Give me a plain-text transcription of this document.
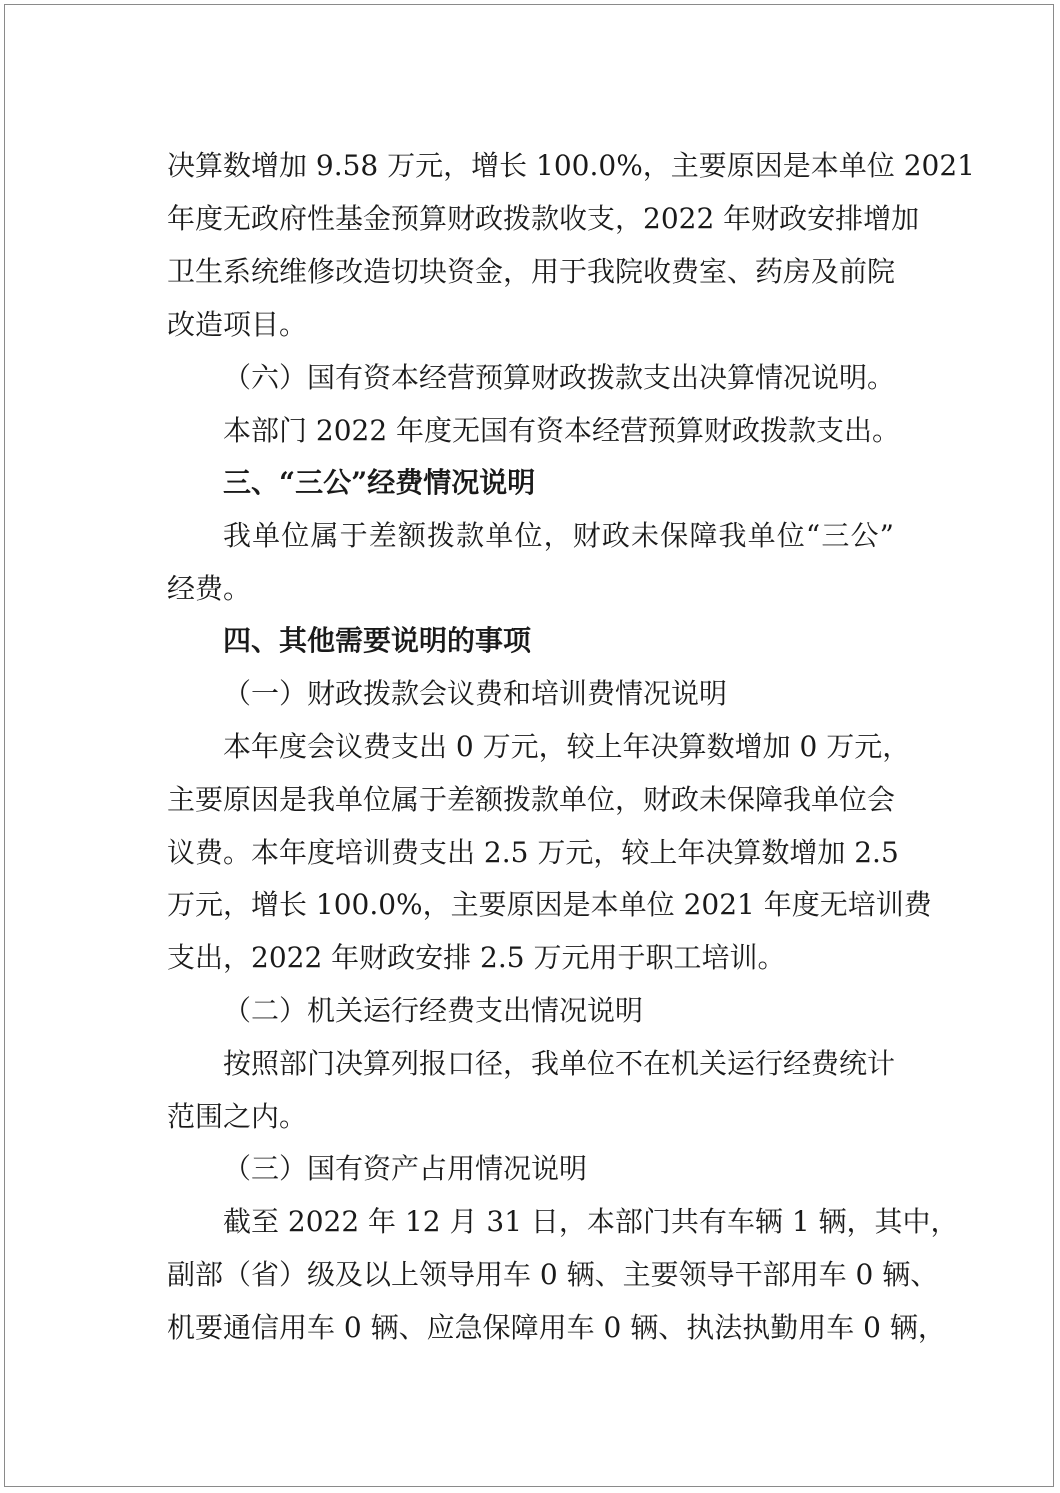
决算数增加 9.58 万元，增长 100.0%，主要原因是本单位 2021
年度无政府性基金预算财政拨款收支，2022 年财政安排增加
卫生系统维修改造切块资金，用于我院收费室、药房及前院
改造项目。
（六）国有资本经营预算财政拨款支出决算情况说明。
本部门 2022 年度无国有资本经营预算财政拨款支出。
三、“三公”经费情况说明
我单位属于差额拨款单位，财政未保障我单位“三公”
经费。
四、其他需要说明的事项
（一）财政拨款会议费和培训费情况说明
本年度会议费支出 0 万元，较上年决算数增加 0 万元，
主要原因是我单位属于差额拨款单位，财政未保障我单位会
议费。本年度培训费支出 2.5 万元，较上年决算数增加 2.5
万元，增长 100.0%，主要原因是本单位 2021 年度无培训费
支出，2022 年财政安排 2.5 万元用于职工培训。
（二）机关运行经费支出情况说明
按照部门决算列报口径，我单位不在机关运行经费统计
范围之内。
（三）国有资产占用情况说明
截至 2022 年 12 月 31 日，本部门共有车辆 1 辆，其中，
副部（省）级及以上领导用车 0 辆、主要领导干部用车 0 辆、
机要通信用车 0 辆、应急保障用车 0 辆、执法执勤用车 0 辆，
